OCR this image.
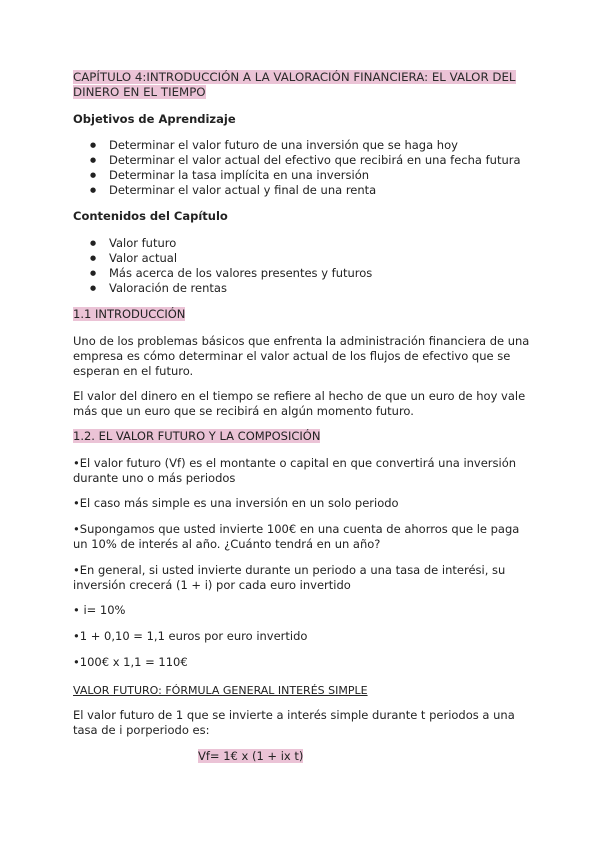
CAPÍTULO 4:INTRODUCCIÓN A LA VALORACIÓN FINANCIERA: EL VALOR DEL DINERO EN EL TIEMPO
Objetivos de Aprendizaje
● Determinar el valor futuro de una inversión que se haga hoy
● Determinar el valor actual del efectivo que recibirá en una fecha futura
● Determinar la tasa implícita en una inversión
● Determinar el valor actual y final de una renta
Contenidos del Capítulo
● Valor futuro
● Valor actual
● Más acerca de los valores presentes y futuros
● Valoración de rentas
1.1 INTRODUCCIÓN
Uno de los problemas básicos que enfrenta la administración financiera de una empresa es cómo determinar el valor actual de los flujos de efectivo que se esperan en el futuro.
El valor del dinero en el tiempo se refiere al hecho de que un euro de hoy vale más que un euro que se recibirá en algún momento futuro.
1.2. EL VALOR FUTURO Y LA COMPOSICIÓN
•El valor futuro (Vf) es el montante o capital en que convertirá una inversión durante uno o más periodos
•El caso más simple es una inversión en un solo periodo
•Supongamos que usted invierte 100€ en una cuenta de ahorros que le paga un 10% de interés al año. ¿Cuánto tendrá en un año?
•En general, si usted invierte durante un periodo a una tasa de interési, su inversión crecerá (1 + i) por cada euro invertido
• i= 10%
•1 + 0,10 = 1,1 euros por euro invertido
•100€ x 1,1 = 110€
VALOR FUTURO: FÓRMULA GENERAL INTERÉS SIMPLE
El valor futuro de 1 que se invierte a interés simple durante t periodos a una tasa de i porperiodo es:
Vf= 1€ x (1 + ix t)
